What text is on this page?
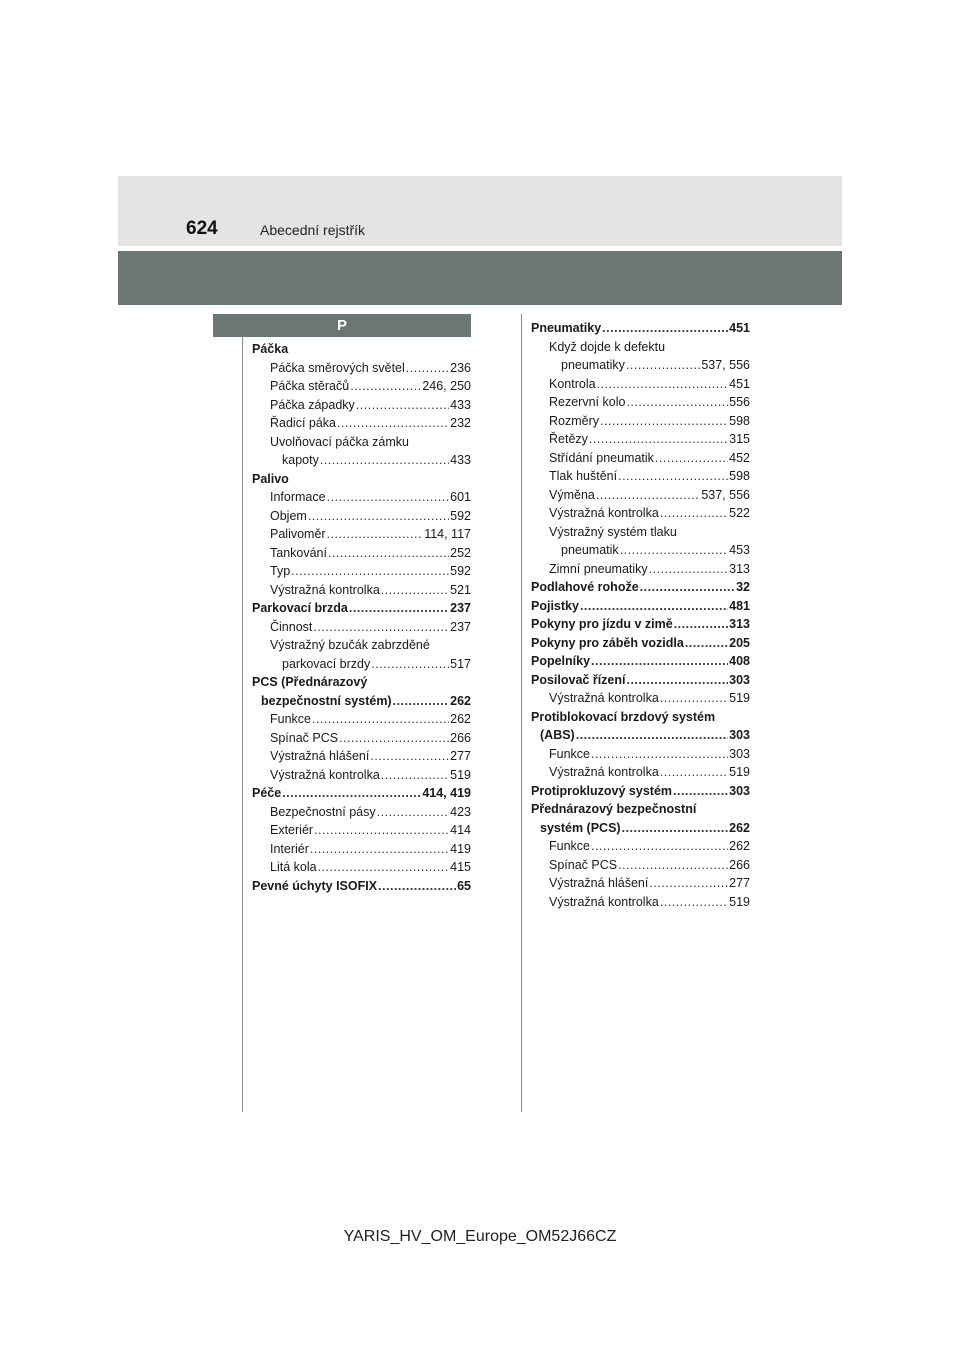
624	Abecední rejstřík
P
Páčka
Páčka směrových světel .....	236
Páčka stěračů .....	246, 250
Páčka západky .....	433
Řadicí páka .....	232
Uvolňovací páčka zámku
kapoty .....	433
Palivo
Informace .....	601
Objem .....	592
Palivoměr .....	114, 117
Tankování .....	252
Typ .....	592
Výstražná kontrolka .....	521
Parkovací brzda .....	237
Činnost .....	237
Výstražný bzučák zabrzděné
parkovací brzdy .....	517
PCS (Přednárazový
bezpečnostní systém) .....	262
Funkce .....	262
Spínač PCS .....	266
Výstražná hlášení .....	277
Výstražná kontrolka .....	519
Péče .....	414, 419
Bezpečnostní pásy .....	423
Exteriér .....	414
Interiér .....	419
Litá kola .....	415
Pevné úchyty ISOFIX .....	65
Pneumatiky .....	451
Když dojde k defektu
pneumatiky .....	537, 556
Kontrola .....	451
Rezervní kolo .....	556
Rozměry .....	598
Řetězy .....	315
Střídání pneumatik .....	452
Tlak huštění .....	598
Výměna .....	537, 556
Výstražná kontrolka .....	522
Výstražný systém tlaku
pneumatik .....	453
Zimní pneumatiky .....	313
Podlahové rohože .....	32
Pojistky .....	481
Pokyny pro jízdu v zimě .....	313
Pokyny pro záběh vozidla .....	205
Popelníky .....	408
Posilovač řízení .....	303
Výstražná kontrolka .....	519
Protiblokovací brzdový systém
(ABS) .....	303
Funkce .....	303
Výstražná kontrolka .....	519
Protiprokluzový systém .....	303
Přednárazový bezpečnostní
systém (PCS) .....	262
Funkce .....	262
Spínač PCS .....	266
Výstražná hlášení .....	277
Výstražná kontrolka .....	519
YARIS_HV_OM_Europe_OM52J66CZ
